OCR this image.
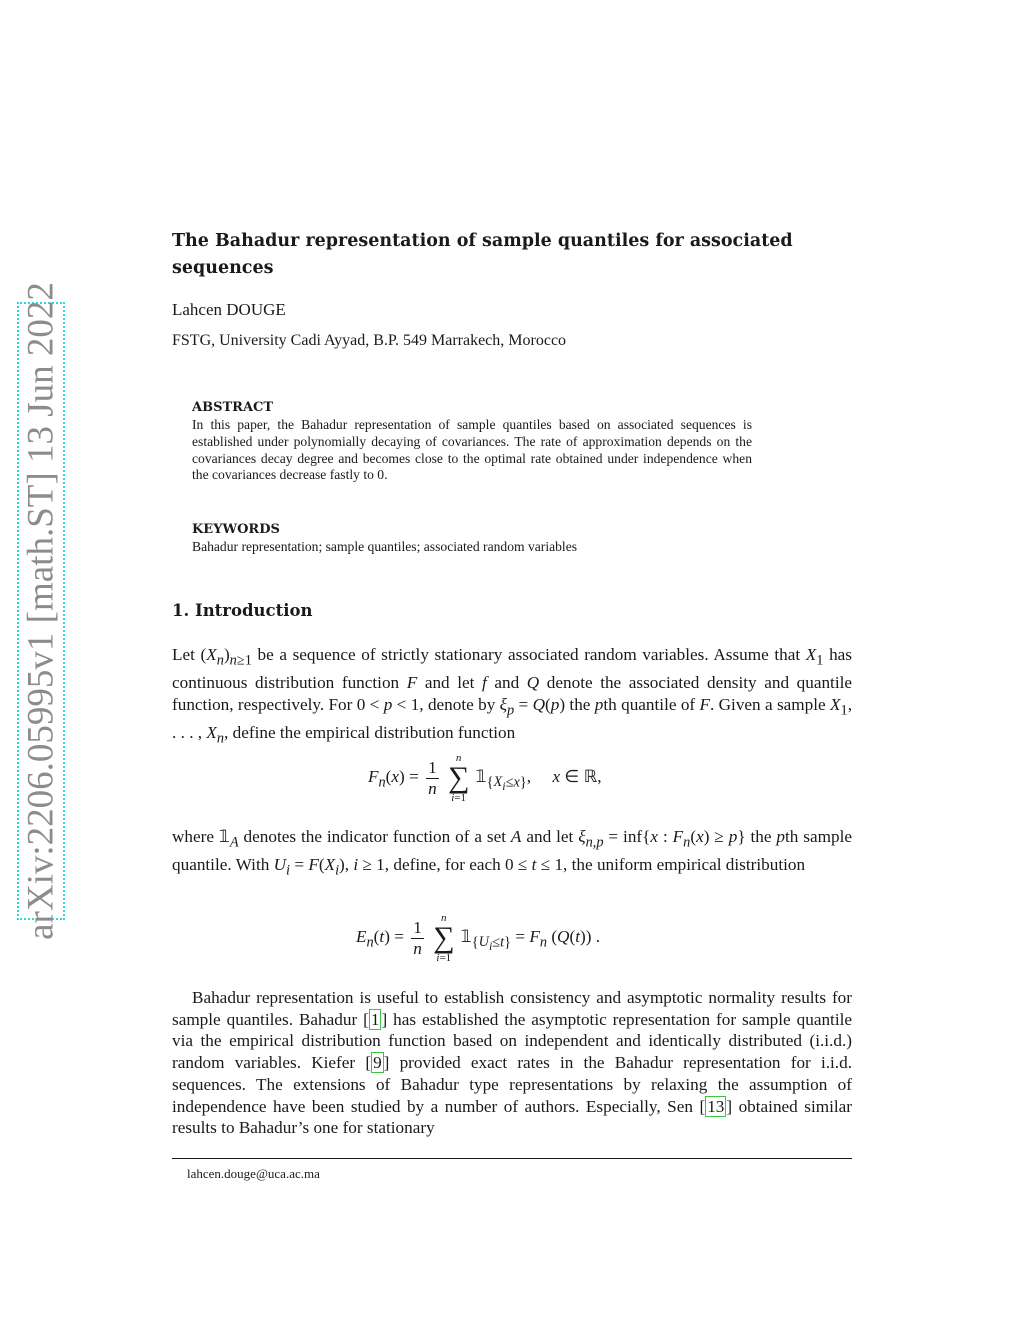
arXiv:2206.05995v1 [math.ST] 13 Jun 2022
The Bahadur representation of sample quantiles for associated sequences
Lahcen DOUGE
FSTG, University Cadi Ayyad, B.P. 549 Marrakech, Morocco
ABSTRACT
In this paper, the Bahadur representation of sample quantiles based on associated sequences is established under polynomially decaying of covariances. The rate of approximation depends on the covariances decay degree and becomes close to the optimal rate obtained under independence when the covariances decrease fastly to 0.
KEYWORDS
Bahadur representation; sample quantiles; associated random variables
1. Introduction
Let $(X_n)_{n\ge 1}$ be a sequence of strictly stationary associated random variables. Assume that $X_1$ has continuous distribution function F and let f and Q denote the associated density and quantile function, respectively. For 0 < p < 1, denote by $\xi_p = Q(p)$ the pth quantile of F. Given a sample $X_1$, . . . , $X_n$, define the empirical distribution function
$F_n(x) = \frac{1}{n}$
	n
∑
i=1
$𝟙_{\{X_i\le x\}}$,     x ∈ ℝ,
where $𝟙_A$ denotes the indicator function of a set A and let $\xi_{n,p} = inf\{x$ : $F_n(x) \ge p$} the pth sample quantile. With $U_i = F(X_i)$, i ≥ 1, define, for each 0 ≤ t ≤ 1, the uniform empirical distribution
$E_n(t) = \frac{1}{n}$
	n
∑
i=1
$𝟙_{\{U_i\le t\}} = F_n$ (Q(t)) .
Bahadur representation is useful to establish consistency and asymptotic normality results for sample quantiles. Bahadur [ 1 ] has established the asymptotic representation for sample quantile via the empirical distribution function based on independent and identically distributed (i.i.d.) random variables. Kiefer [ 9 ] provided exact rates in the Bahadur representation for i.i.d. sequences. The extensions of Bahadur type representations by relaxing the assumption of independence have been studied by a number of authors. Especially, Sen [ 13 ] obtained similar results to Bahadur’s one for stationary
lahcen.douge@uca.ac.ma
